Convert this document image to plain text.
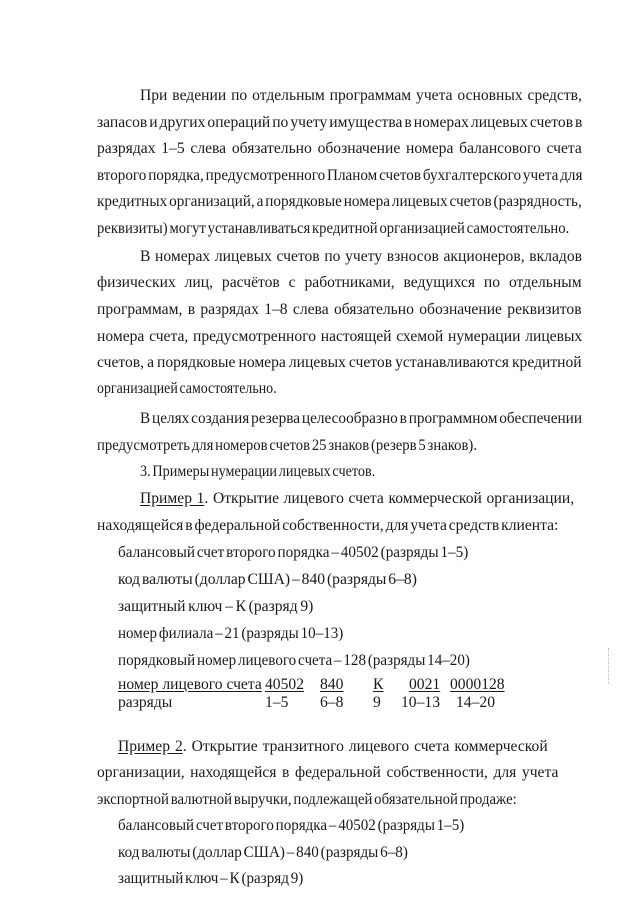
При ведении по отдельным программам учета основных средств,
запасов и других операций по учету имущества в номерах лицевых счетов в
разрядах 1–5 слева обязательно обозначение номера балансового счета
второго порядка, предусмотренного Планом счетов бухгалтерского учета для
кредитных организаций, а порядковые номера лицевых счетов (разрядность,
реквизиты) могут устанавливаться кредитной организацией самостоятельно.
В номерах лицевых счетов по учету взносов акционеров, вкладов
физических лиц, расчётов с работниками, ведущихся по отдельным
программам, в разрядах 1–8 слева обязательно обозначение реквизитов
номера счета, предусмотренного настоящей схемой нумерации лицевых
счетов, а порядковые номера лицевых счетов устанавливаются кредитной
организацией самостоятельно.
В целях создания резерва целесообразно в программном обеспечении
предусмотреть для номеров счетов 25 знаков (резерв 5 знаков).
3. Примеры нумерации лицевых счетов.
Пример 1. Открытие лицевого счета коммерческой организации,
находящейся в федеральной собственности, для учета средств клиента:
балансовый счет второго порядка – 40502 (разряды 1–5)
код валюты (доллар США) – 840 (разряды 6–8)
защитный ключ – К (разряд 9)
номер филиала – 21 (разряды 10–13)
порядковый номер лицевого счета – 128 (разряды 14–20)
номер лицевого счета 40502 840 К 0021 0000128
разряды	1–5 6–8 9 10–13 14–20
Пример 2. Открытие транзитного лицевого счета коммерческой
организации, находящейся в федеральной собственности, для учета
экспортной валютной выручки, подлежащей обязательной продаже:
балансовый счет второго порядка – 40502 (разряды 1–5)
код валюты (доллар США) – 840 (разряды 6–8)
защитный ключ – К (разряд 9)
